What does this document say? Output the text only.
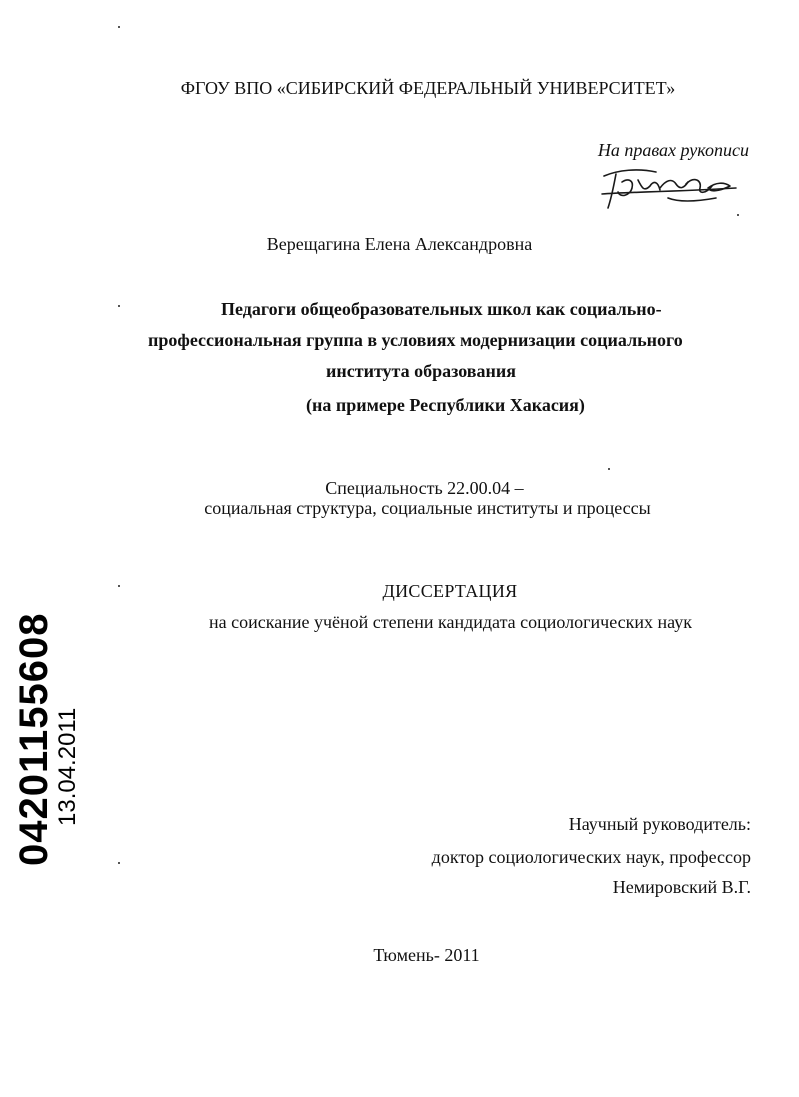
ФГОУ ВПО «СИБИРСКИЙ ФЕДЕРАЛЬНЫЙ УНИВЕРСИТЕТ»
На правах рукописи
Верещагина Елена Александровна
Педагоги общеобразовательных школ как социально-
профессиональная группа в условиях модернизации социального
института образования
(на примере Республики Хакасия)
Специальность 22.00.04 –
социальная структура, социальные институты и процессы
ДИССЕРТАЦИЯ
на соискание учёной степени кандидата социологических наук
Научный руководитель:
доктор социологических наук, профессор
Немировский В.Г.
Тюмень- 2011
04201155608
13.04.2011
